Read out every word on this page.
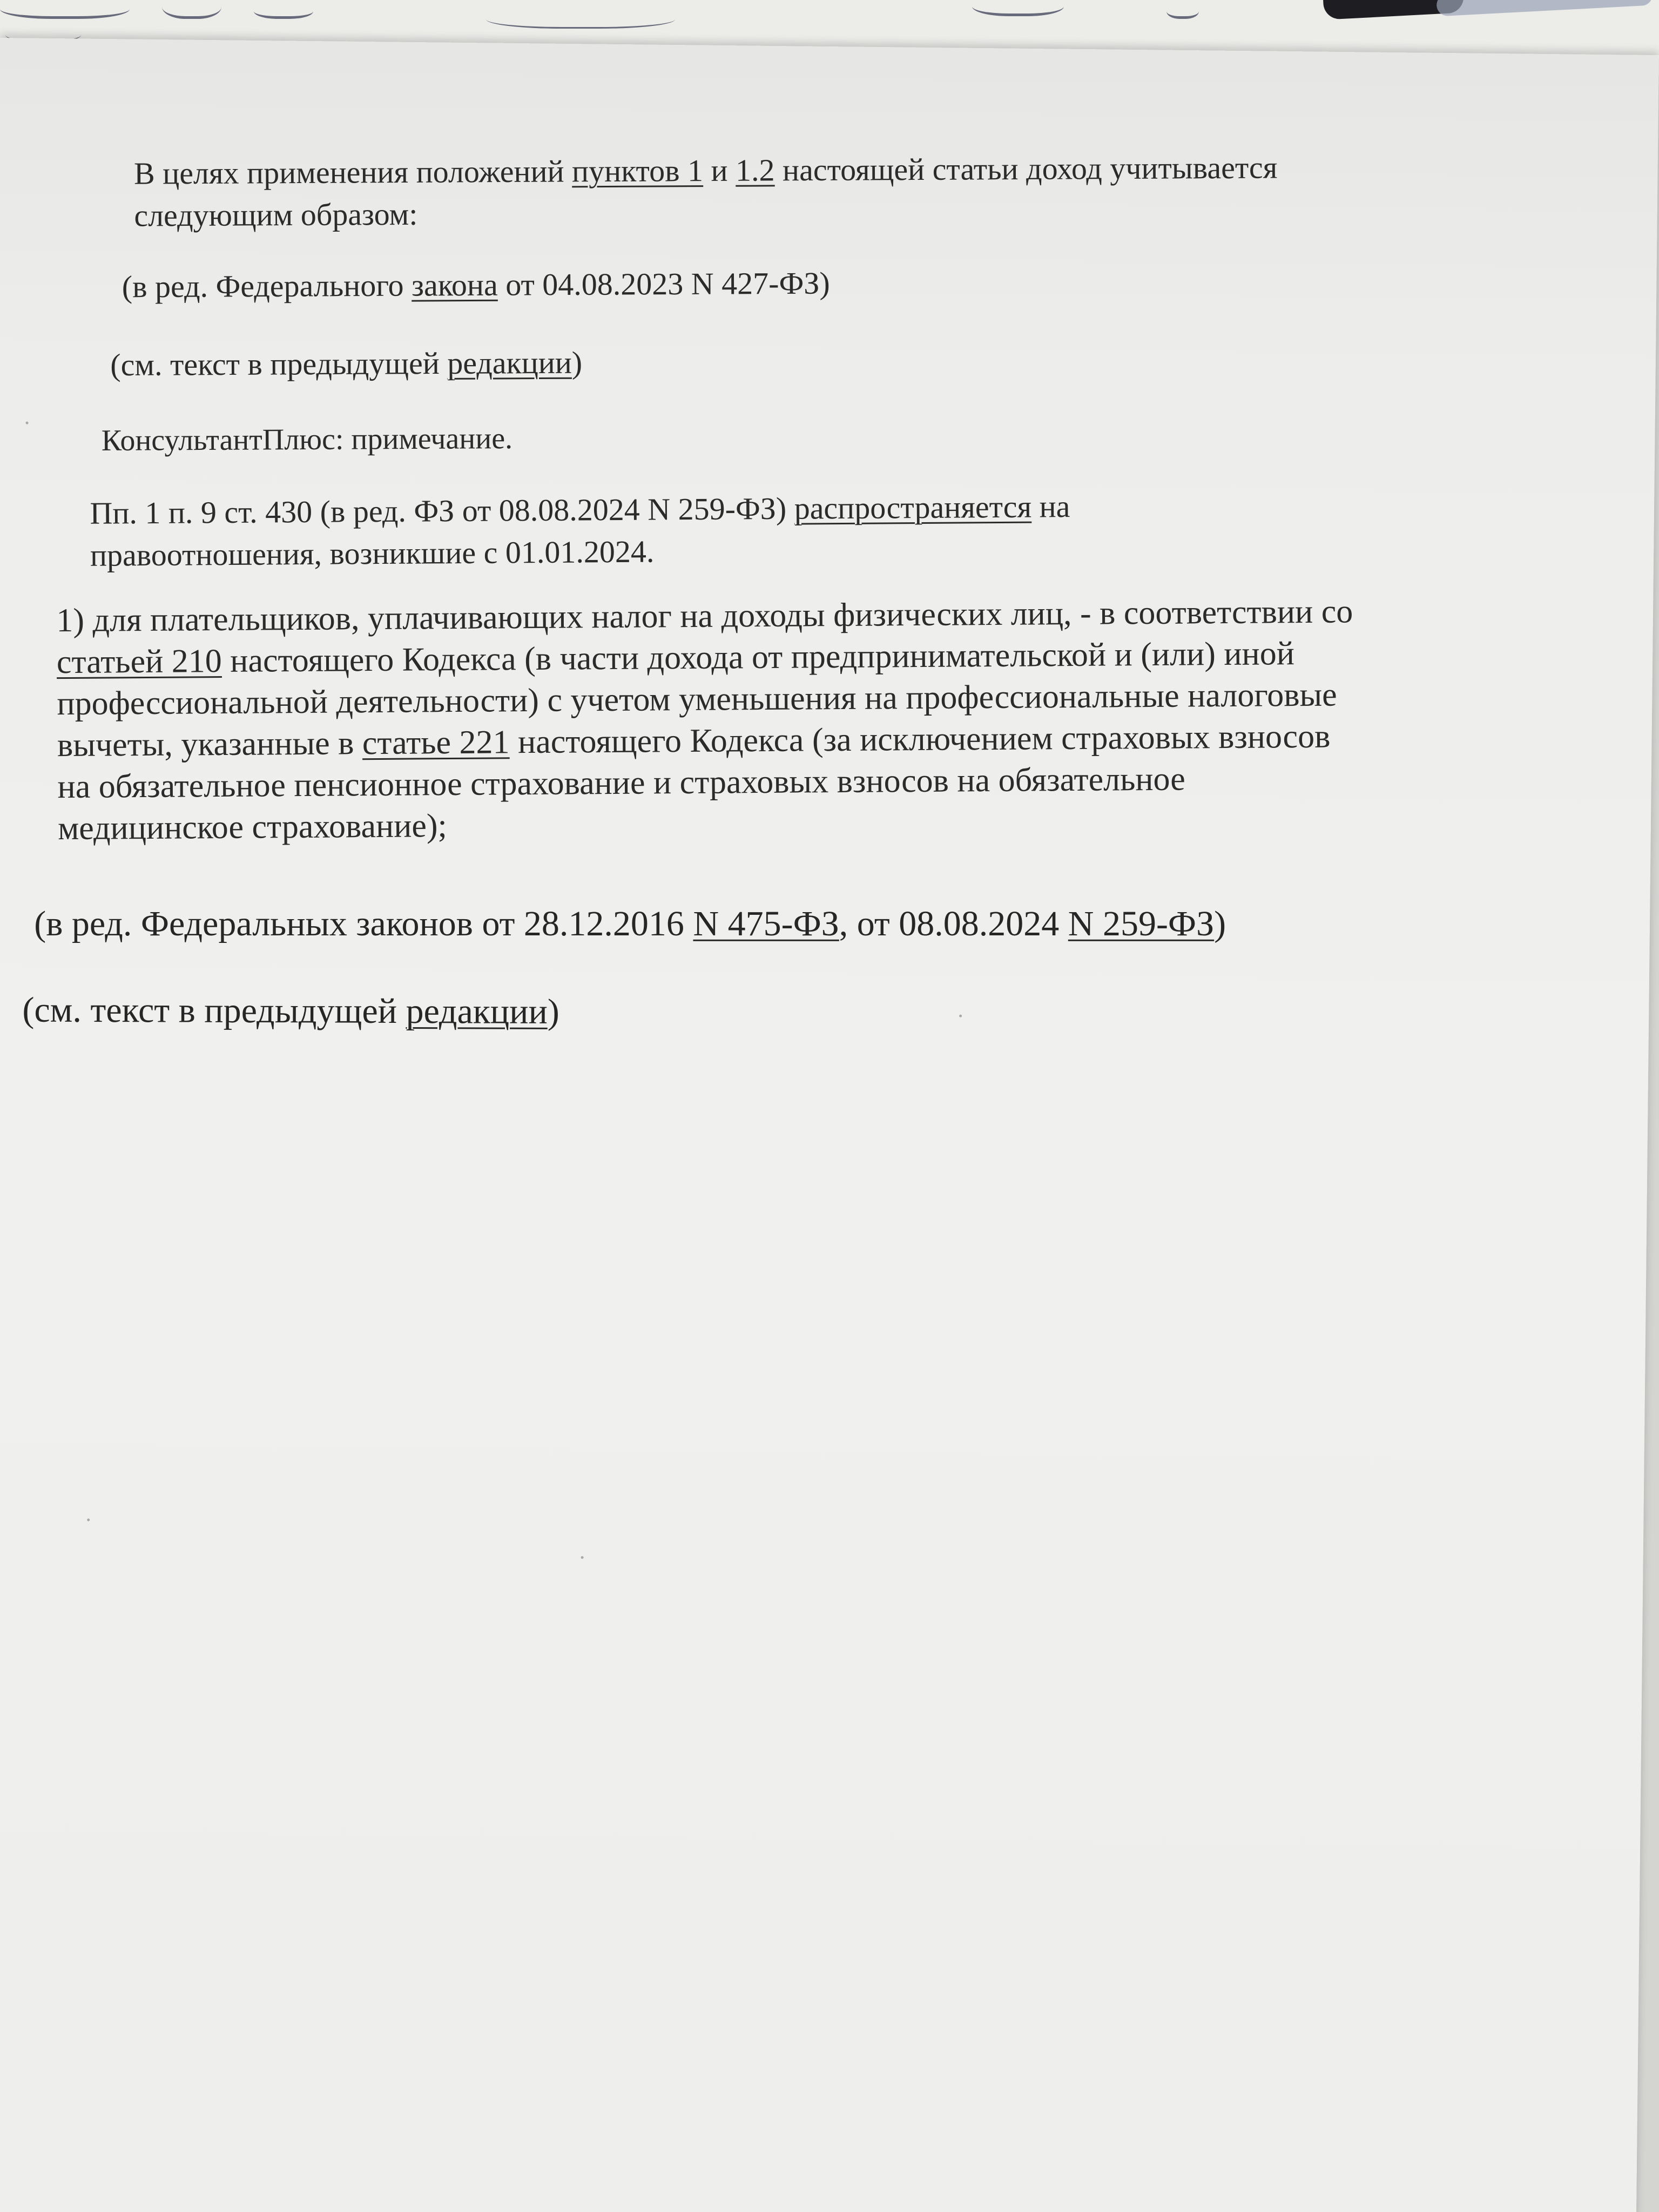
В целях применения положений пунктов 1 и 1.2 настоящей статьи доход учитывается
следующим образом:

(в ред. Федерального закона от 04.08.2023 N 427-ФЗ)

(см. текст в предыдущей редакции)

КонсультантПлюс: примечание.

Пп. 1 п. 9 ст. 430 (в ред. ФЗ от 08.08.2024 N 259-ФЗ) распространяется на
правоотношения, возникшие с 01.01.2024.

1) для плательщиков, уплачивающих налог на доходы физических лиц, - в соответствии со
статьей 210 настоящего Кодекса (в части дохода от предпринимательской и (или) иной
профессиональной деятельности) с учетом уменьшения на профессиональные налоговые
вычеты, указанные в статье 221 настоящего Кодекса (за исключением страховых взносов
на обязательное пенсионное страхование и страховых взносов на обязательное
медицинское страхование);

(в ред. Федеральных законов от 28.12.2016 N 475-ФЗ, от 08.08.2024 N 259-ФЗ)

(см. текст в предыдущей редакции)
